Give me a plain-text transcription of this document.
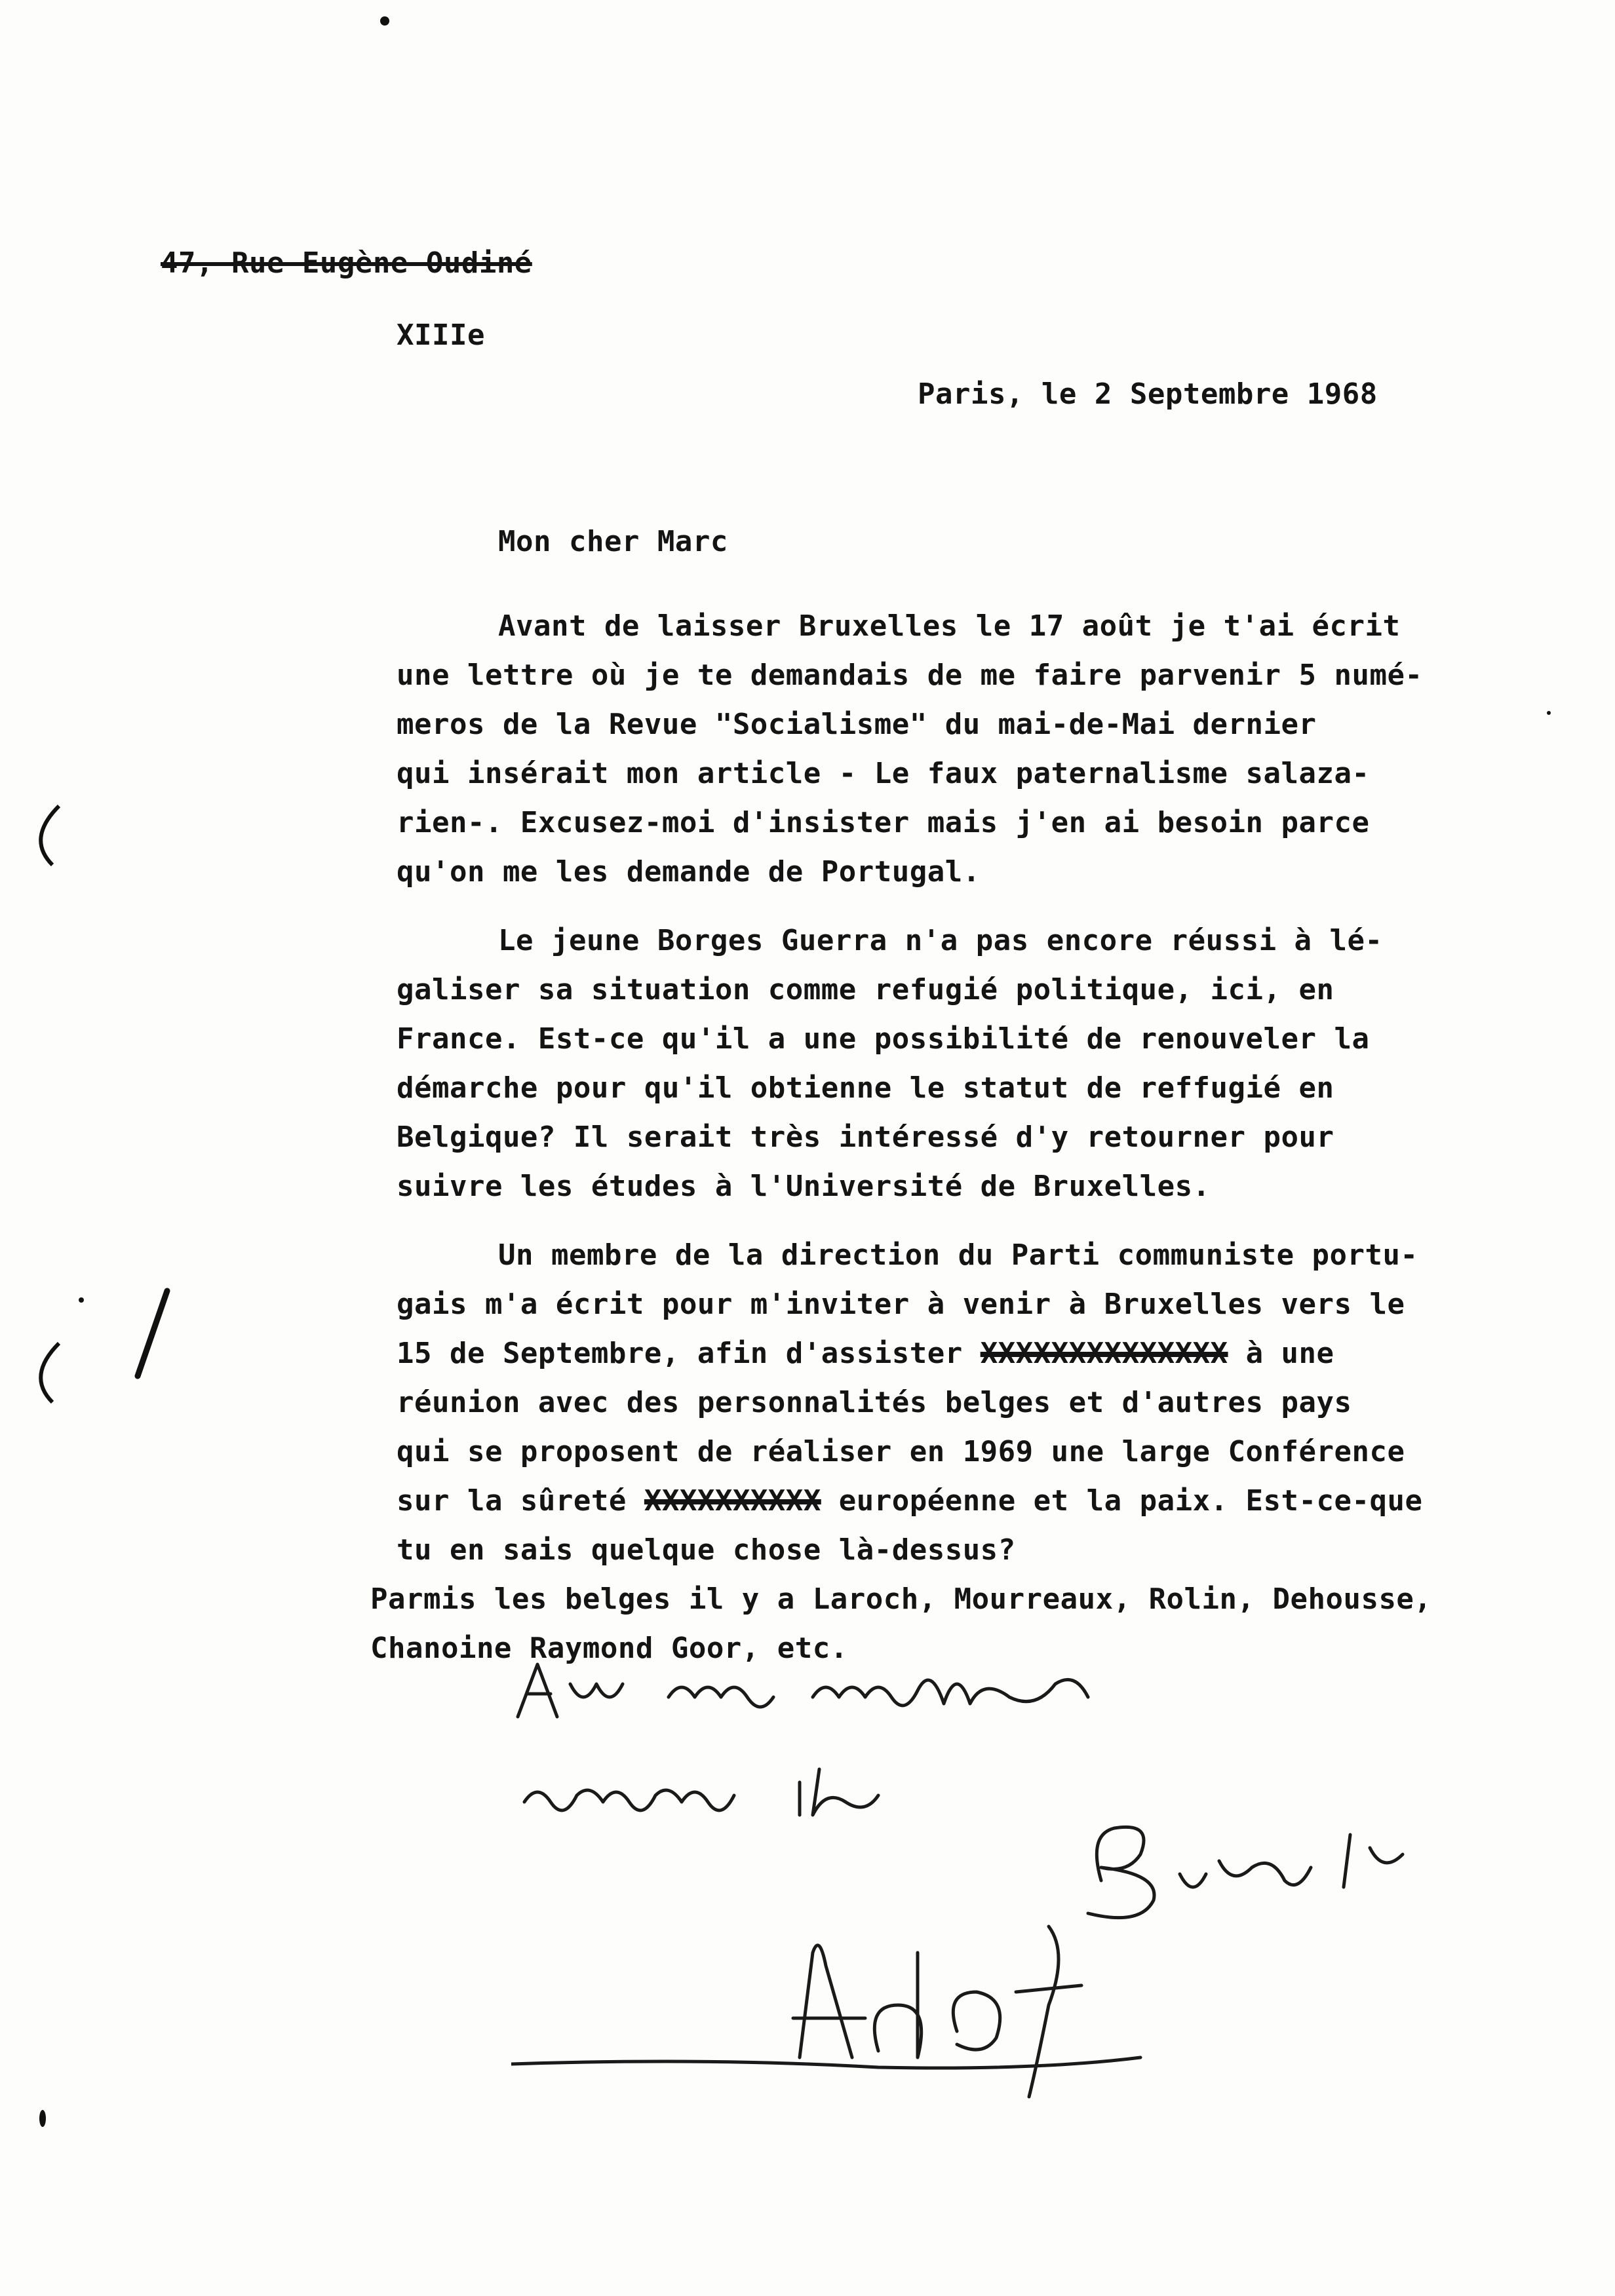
47, Rue Eugène Oudiné
XIIIe
Paris, le 2 Septembre 1968
Mon cher Marc
Avant de laisser Bruxelles le 17 août je t'ai écrit
une lettre où je te demandais de me faire parvenir 5 numé-
meros de la Revue "Socialisme" du mai-de-Mai dernier
qui insérait mon article - Le faux paternalisme salaza-
rien-. Excusez-moi d'insister mais j'en ai besoin parce
qu'on me les demande de Portugal.
Le jeune Borges Guerra n'a pas encore réussi à lé-
galiser sa situation comme refugié politique, ici, en
France. Est-ce qu'il a une possibilité de renouveler la
démarche pour qu'il obtienne le statut de reffugié en
Belgique? Il serait très intéressé d'y retourner pour
suivre les études à l'Université de Bruxelles.
Un membre de la direction du Parti communiste portu-
gais m'a écrit pour m'inviter à venir à Bruxelles vers le
15 de Septembre, afin d'assister XXXXXXXXXXXXXX à une
réunion avec des personnalités belges et d'autres pays
qui se proposent de réaliser en 1969 une large Conférence
sur la sûreté XXXXXXXXXX européenne et la paix. Est-ce-que
tu en sais quelque chose là-dessus?
Parmis les belges il y a Laroch, Mourreaux, Rolin, Dehousse,
Chanoine Raymond Goor, etc.
